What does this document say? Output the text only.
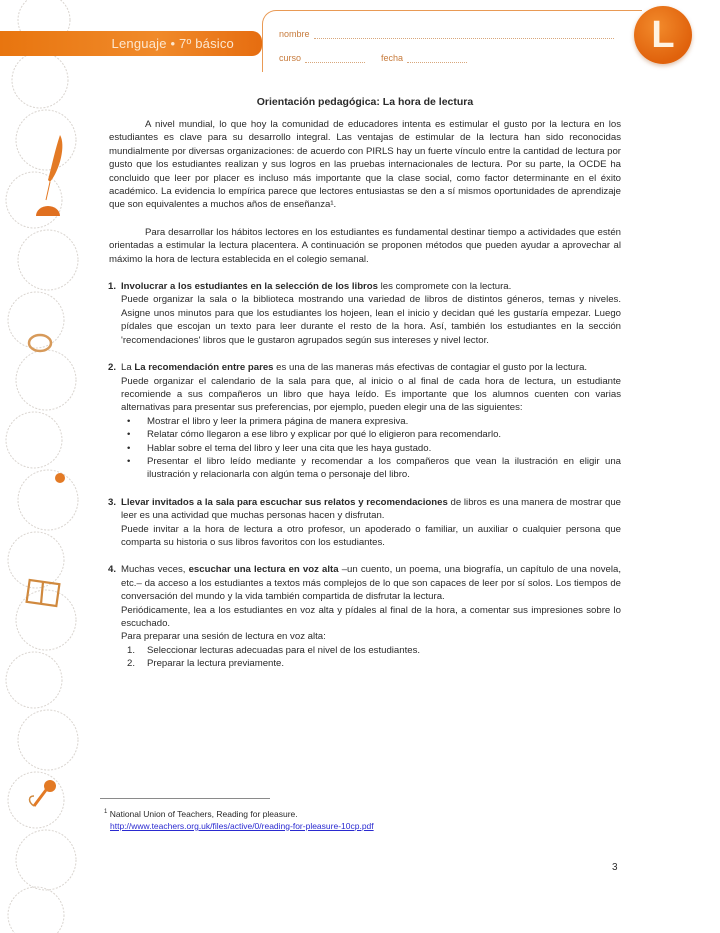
Lenguaje • 7º básico
nombre
curso	fecha
L
Orientación pedagógica: La hora de lectura

A nivel mundial, lo que hoy la comunidad de educadores intenta es estimular el gusto por la lectura en los estudiantes es clave para su desarrollo integral. Las ventajas de estimular de la lectura han sido reconocidas mundialmente por diversas organizaciones: de acuerdo con PIRLS hay un fuerte vínculo entre la cantidad de lectura por gusto que los estudiantes realizan y sus logros en las pruebas internacionales de lectura. Por su parte, la OCDE ha concluido que leer por placer es incluso más importante que la clase social, como factor determinante en el éxito académico. La evidencia lo empírica parece que lectores entusiastas se den a sí mismos oportunidades de aprendizaje que son equivalentes a muchos años de enseñanza¹.

Para desarrollar los hábitos lectores en los estudiantes es fundamental destinar tiempo a actividades que estén orientadas a estimular la lectura placentera. A continuación se proponen métodos que pueden ayudar a aprovechar al máximo la hora de lectura establecida en el colegio semanal.

1. Involucrar a los estudiantes en la selección de los libros les compromete con la lectura.

Puede organizar la sala o la biblioteca mostrando una variedad de libros de distintos géneros, temas y niveles. Asigne unos minutos para que los estudiantes los hojeen, lean el inicio y decidan qué les gustaría empezar. Luego pídales que escojan un texto para leer durante el resto de la hora. Así, también los estudiantes en la sección 'recomendaciones' libros que le gustaron agrupados según sus intereses y nivel lector.

2. La La recomendación entre pares es una de las maneras más efectivas de contagiar el gusto por la lectura.

Puede organizar el calendario de la sala para que, al inicio o al final de cada hora de lectura, un estudiante recomiende a sus compañeros un libro que haya leído. Es importante que los alumnos cuenten con varias alternativas para presentar sus preferencias, por ejemplo, pueden elegir una de las siguientes:

• Mostrar el libro y leer la primera página de manera expresiva.
• Relatar cómo llegaron a ese libro y explicar por qué lo eligieron para recomendarlo.
• Hablar sobre el tema del libro y leer una cita que les haya gustado.
• Presentar el libro leído mediante y recomendar a los compañeros que vean la ilustración en eligir una ilustración y relacionarla con algún tema o personaje del libro.
3. Llevar invitados a la sala para escuchar sus relatos y recomendaciones de libros es una manera de mostrar que leer es una actividad que muchas personas hacen y disfrutan.

Puede invitar a la hora de lectura a otro profesor, un apoderado o familiar, un auxiliar o cualquier persona que comparta su historia o sus libros favoritos con los estudiantes.

4. Muchas veces, escuchar una lectura en voz alta –un cuento, un poema, una biografía, un capítulo de una novela, etc.– da acceso a los estudiantes a textos más complejos de lo que son capaces de leer por sí solos. Los tiempos de conversación del mundo y la vida también compartida de disfrutar la lectura.

Periódicamente, lea a los estudiantes en voz alta y pídales al final de la hora, a comentar sus impresiones sobre lo escuchado.

Para preparar una sesión de lectura en voz alta:

1. Seleccionar lecturas adecuadas para el nivel de los estudiantes.
2. Preparar la lectura previamente.
$^1$ National Union of Teachers, Reading for pleasure.
http://www.teachers.org.uk/files/active/0/reading-for-pleasure-10cp.pdf
3
